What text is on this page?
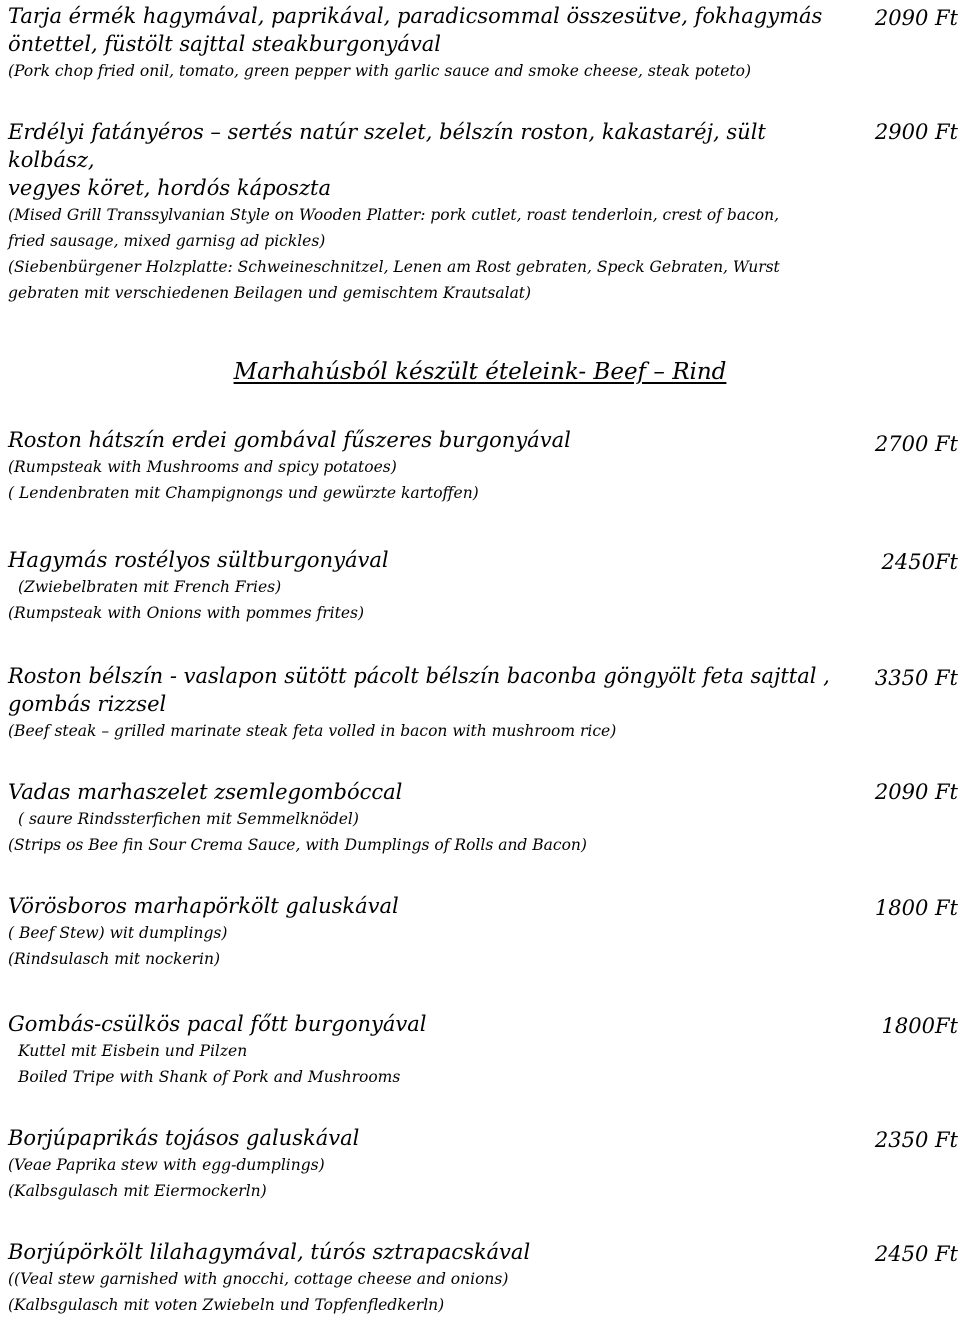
Tarja érmék hagymával, paprikával, paradicsommal összesütve, fokhagymás

öntettel, füstölt sajttal steakburgonyával

(Pork chop fried onil, tomato, green pepper with garlic sauce and smoke cheese, steak poteto)

2090 Ft

Erdélyi fatányéros – sertés natúr szelet, bélszín roston, kakastaréj, sült kolbász,

vegyes köret, hordós káposzta

(Mised Grill Transsylvanian Style on Wooden Platter: pork cutlet, roast tenderloin, crest of bacon,

fried sausage, mixed garnisg ad pickles)

(Siebenbürgener Holzplatte: Schweineschnitzel, Lenen am Rost gebraten, Speck Gebraten, Wurst

gebraten mit verschiedenen Beilagen und gemischtem Krautsalat)

2900 Ft
Marhahúsból készült ételeink- Beef – Rind

Roston hátszín erdei gombával fűszeres burgonyával

(Rumpsteak with Mushrooms and spicy potatoes)

( Lendenbraten mit Champignongs und gewürzte kartoffen)

2700 Ft

Hagymás rostélyos sültburgonyával

(Zwiebelbraten mit French Fries)

(Rumpsteak with Onions with pommes frites)

2450Ft

Roston bélszín - vaslapon sütött pácolt bélszín baconba göngyölt feta sajttal ,

gombás rizzsel

(Beef steak – grilled marinate steak feta volled in bacon with mushroom rice)

3350 Ft

Vadas marhaszelet zsemlegombóccal

( saure Rindssterfichen mit Semmelknödel)

(Strips os Bee fin Sour Crema Sauce, with Dumplings of Rolls and Bacon)

2090 Ft

Vörösboros marhapörkölt galuskával

( Beef Stew) wit dumplings)

(Rindsulasch mit nockerin)

1800 Ft

Gombás-csülkös pacal főtt burgonyával

Kuttel mit Eisbein und Pilzen

Boiled Tripe with Shank of Pork and Mushrooms

1800Ft

Borjúpaprikás tojásos galuskával

(Veae Paprika stew with egg-dumplings)

(Kalbsgulasch mit Eiermockerln)

2350 Ft

Borjúpörkölt lilahagymával, túrós sztrapacskával

((Veal stew garnished with gnocchi, cottage cheese and onions)

(Kalbsgulasch mit voten Zwiebeln und Topfenfledkerln)

2450 Ft
